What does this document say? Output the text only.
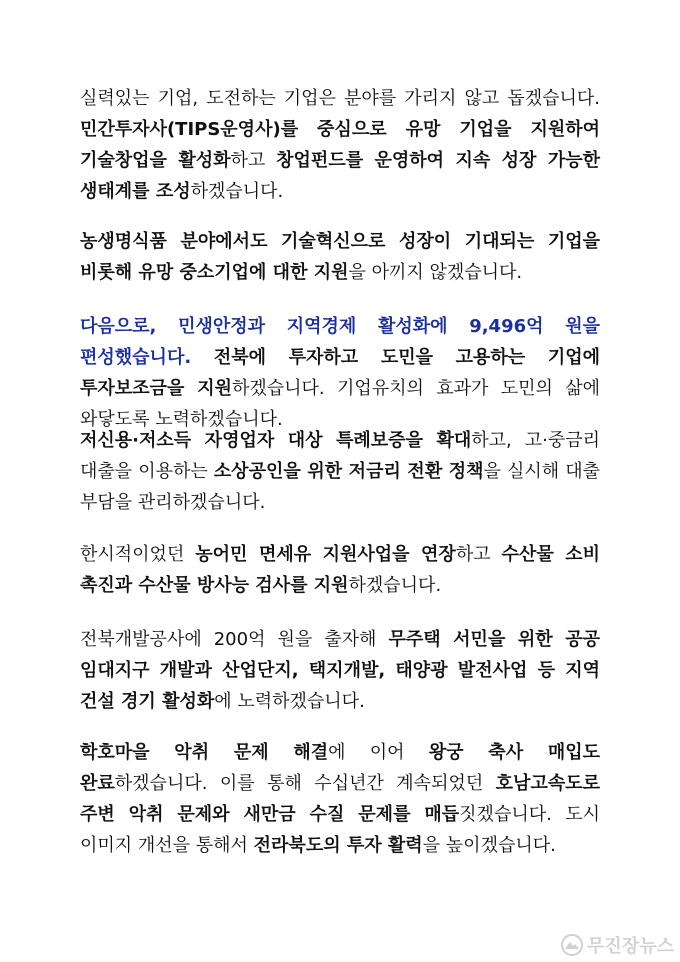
실력있는 기업, 도전하는 기업은 분야를 가리지 않고 돕겠습니다. 민간투자사(TIPS운영사)를 중심으로 유망 기업을 지원하여 기술창업을 활성화하고 창업펀드를 운영하여 지속 성장 가능한 생태계를 조성하겠습니다.

농생명식품 분야에서도 기술혁신으로 성장이 기대되는 기업을 비롯해 유망 중소기업에 대한 지원을 아끼지 않겠습니다.

다음으로, 민생안정과 지역경제 활성화에 9,496억 원을 편성했습니다. 전북에 투자하고 도민을 고용하는 기업에 투자보조금을 지원하겠습니다. 기업유치의 효과가 도민의 삶에 와닿도록 노력하겠습니다.

저신용·저소득 자영업자 대상 특례보증을 확대하고, 고·중금리 대출을 이용하는 소상공인을 위한 저금리 전환 정책을 실시해 대출 부담을 관리하겠습니다.

한시적이었던 농어민 면세유 지원사업을 연장하고 수산물 소비 촉진과 수산물 방사능 검사를 지원하겠습니다.

전북개발공사에 200억 원을 출자해 무주택 서민을 위한 공공 임대지구 개발과 산업단지, 택지개발, 태양광 발전사업 등 지역 건설 경기 활성화에 노력하겠습니다.

학호마을 악취 문제 해결에 이어 왕궁 축사 매입도 완료하겠습니다. 이를 통해 수십년간 계속되었던 호남고속도로 주변 악취 문제와 새만금 수질 문제를 매듭짓겠습니다. 도시 이미지 개선을 통해서 전라북도의 투자 활력을 높이겠습니다.

무진장뉴스
